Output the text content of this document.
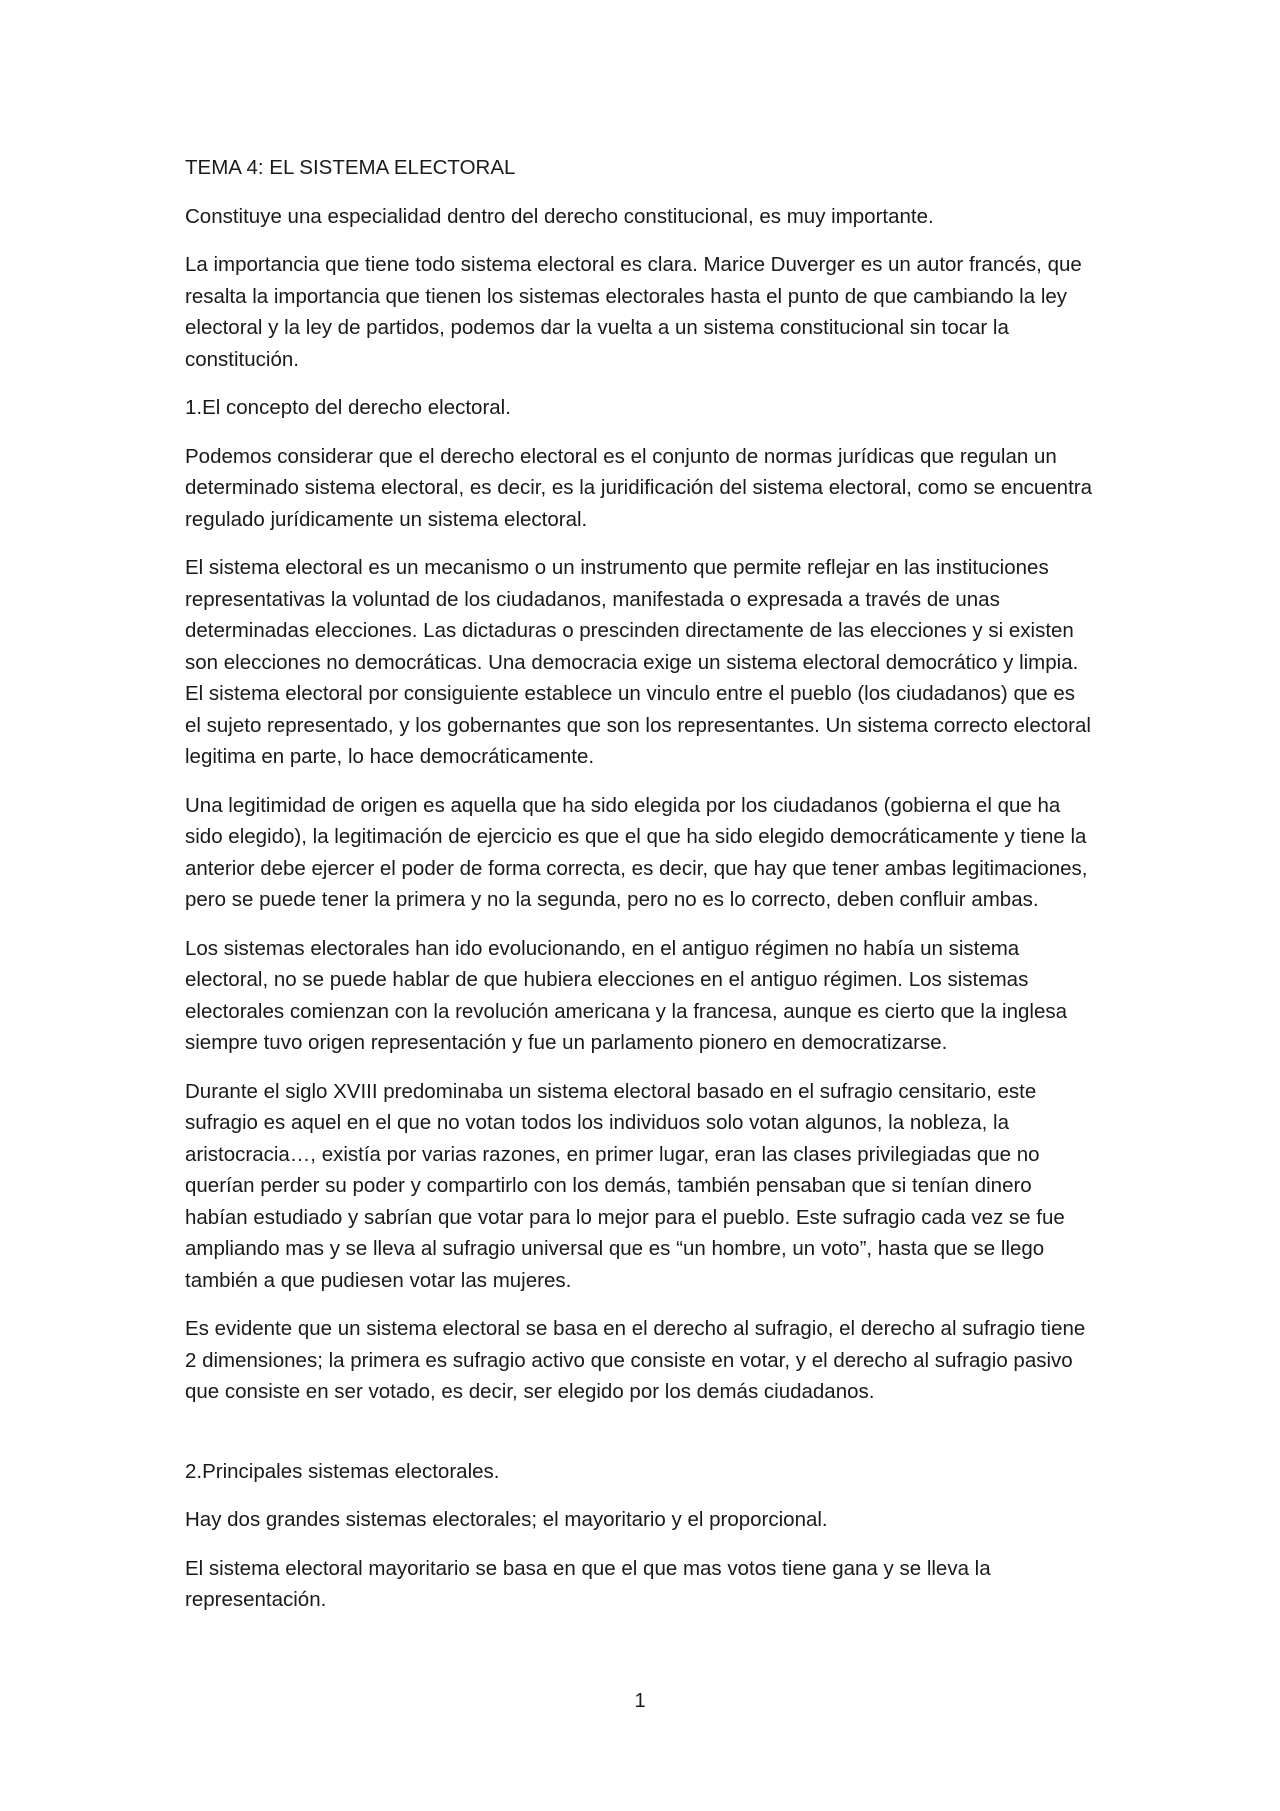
TEMA 4: EL SISTEMA ELECTORAL

Constituye una especialidad dentro del derecho constitucional, es muy importante.

La importancia que tiene todo sistema electoral es clara. Marice Duverger es un autor francés, que resalta la importancia que tienen los sistemas electorales hasta el punto de que cambiando la ley electoral y la ley de partidos, podemos dar la vuelta a un sistema constitucional sin tocar la constitución.

1.El concepto del derecho electoral.

Podemos considerar que el derecho electoral es el conjunto de normas jurídicas que regulan un determinado sistema electoral, es decir, es la juridificación del sistema electoral, como se encuentra regulado jurídicamente un sistema electoral.

El sistema electoral es un mecanismo o un instrumento que permite reflejar en las instituciones representativas la voluntad de los ciudadanos, manifestada o expresada a través de unas determinadas elecciones. Las dictaduras o prescinden directamente de las elecciones y si existen son elecciones no democráticas. Una democracia exige un sistema electoral democrático y limpia. El sistema electoral por consiguiente establece un vinculo entre el pueblo (los ciudadanos) que es el sujeto representado, y los gobernantes que son los representantes. Un sistema correcto electoral legitima en parte, lo hace democráticamente.

Una legitimidad de origen es aquella que ha sido elegida por los ciudadanos (gobierna el que ha sido elegido), la legitimación de ejercicio es que el que ha sido elegido democráticamente y tiene la anterior debe ejercer el poder de forma correcta, es decir, que hay que tener ambas legitimaciones, pero se puede tener la primera y no la segunda, pero no es lo correcto, deben confluir ambas.

Los sistemas electorales han ido evolucionando, en el antiguo régimen no había un sistema electoral, no se puede hablar de que hubiera elecciones en el antiguo régimen. Los sistemas electorales comienzan con la revolución americana y la francesa, aunque es cierto que la inglesa siempre tuvo origen representación y fue un parlamento pionero en democratizarse.

Durante el siglo XVIII predominaba un sistema electoral basado en el sufragio censitario, este sufragio es aquel en el que no votan todos los individuos solo votan algunos, la nobleza, la aristocracia…, existía por varias razones, en primer lugar, eran las clases privilegiadas que no querían perder su poder y compartirlo con los demás, también pensaban que si tenían dinero habían estudiado y sabrían que votar para lo mejor para el pueblo. Este sufragio cada vez se fue ampliando mas y se lleva al sufragio universal que es “un hombre, un voto”, hasta que se llego también a que pudiesen votar las mujeres.

Es evidente que un sistema electoral se basa en el derecho al sufragio, el derecho al sufragio tiene 2 dimensiones; la primera es sufragio activo que consiste en votar, y el derecho al sufragio pasivo que consiste en ser votado, es decir, ser elegido por los demás ciudadanos.

2.Principales sistemas electorales.

Hay dos grandes sistemas electorales; el mayoritario y el proporcional.

El sistema electoral mayoritario se basa en que el que mas votos tiene gana y se lleva la representación.

1
